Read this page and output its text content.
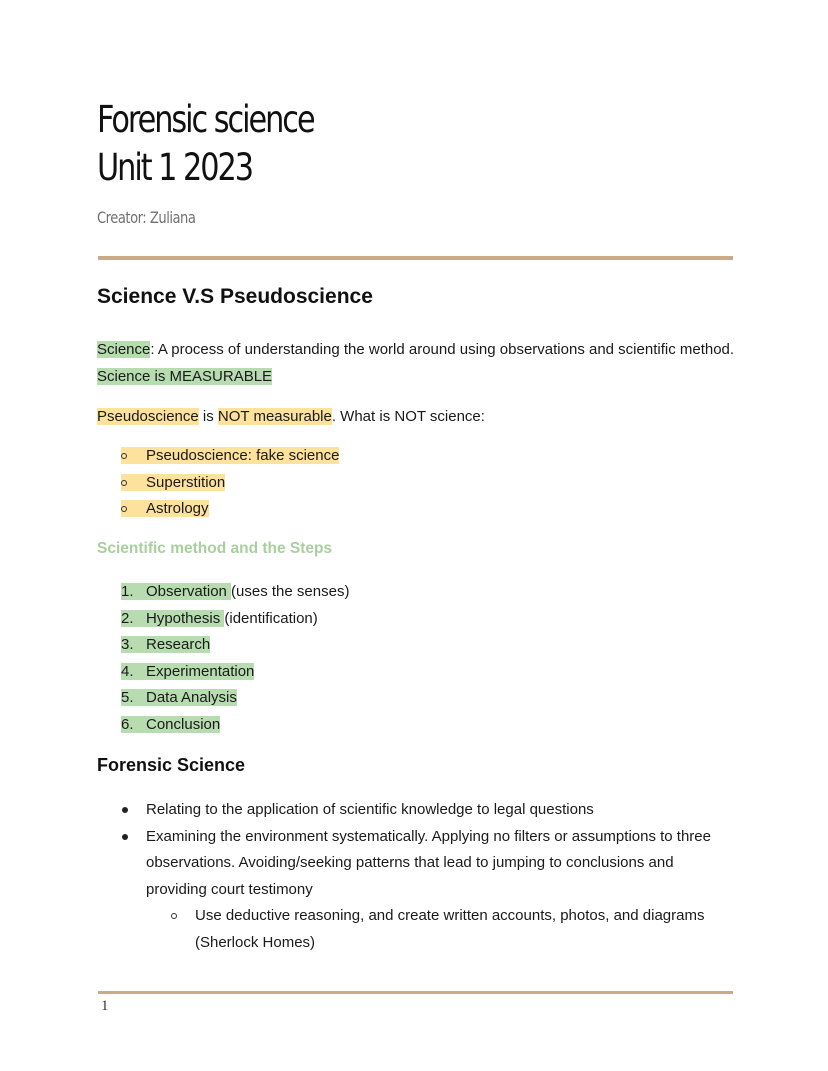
Forensic science
Unit 1 2023
Creator: Zuliana
Science V.S Pseudoscience

Science: A process of understanding the world around using observations and scientific method. Science is MEASURABLE

Pseudoscience is NOT measurable. What is NOT science:

Pseudoscience: fake science
Superstition
Astrology
Scientific method and the Steps
1. Observation (uses the senses)
2. Hypothesis (identification)
3. Research
4. Experimentation
5. Data Analysis
6. Conclusion
Forensic Science
Relating to the application of scientific knowledge to legal questions
Examining the environment systematically. Applying no filters or assumptions to three observations. Avoiding/seeking patterns that lead to jumping to conclusions and providing court testimony
Use deductive reasoning, and create written accounts, photos, and diagrams (Sherlock Homes)
1
